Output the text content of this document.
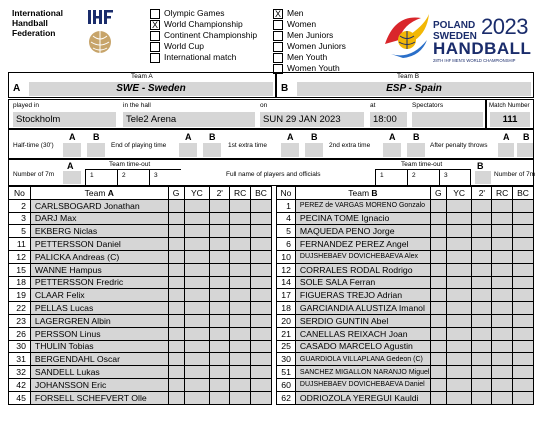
International
Handball
Federation
Olympic Games
X World Championship
Continent Championship
World Cup
International match
X Men
Women
Men Juniors
Women Juniors
Men Youth
Women Youth
POLAND
SWEDEN 2023
HANDBALL
28TH IHF MEN'S WORLD CHAMPIONSHIP
Team A
A	SWE - Sweden
Team B
B	ESP - Spain
played in
Stockholm
in the hall
Tele2 Arena
on
SUN 29 JAN 2023
at
18:00
Spectators	Match Number
111
Half-time (30')
A B
End of playing time
A B
1st extra time
A B
2nd extra time
A B
After penalty throws
A B
Number of 7m
A	Team time-out
1	2	3	Full name of players and officials
Team time-out
1	2	3
B
Number of 7m
No	Team A	G	YC	2'	RC	BC
2	CARLSBOGARD Jonathan					
3	DARJ Max					
5	EKBERG Niclas					
11	PETTERSSON Daniel					
12	PALICKA Andreas (C)					
15	WANNE Hampus					
18	PETTERSSON Fredric					
19	CLAAR Felix					
22	PELLAS Lucas					
23	LAGERGREN Albin					
26	PERSSON Linus					
30	THULIN Tobias					
31	BERGENDAHL Oscar					
32	SANDELL Lukas					
42	JOHANSSON Eric					
45	FORSELL SCHEFVERT Olle					
No	Team B	G	YC	2'	RC	BC
1	PEREZ de VARGAS MORENO Gonzalo					
4	PECINA TOME Ignacio					
5	MAQUEDA PENO Jorge					
6	FERNANDEZ PEREZ Angel					
10	DUJSHEBAEV DOVICHEBAEVA Alex					
12	CORRALES RODAL Rodrigo					
14	SOLE SALA Ferran					
17	FIGUERAS TREJO Adrian					
18	GARCIANDIA ALUSTIZA Imanol					
20	SERDIO GUNTIN Abel					
21	CANELLAS REIXACH Joan					
25	CASADO MARCELO Agustin					
30	GUARDIOLA VILLAPLANA Gedeon (C)					
51	SANCHEZ MIGALLON NARANJO Miguel					
60	DUJSHEBAEV DOVICHEBAEVA Daniel					
62	ODRIOZOLA YEREGUI Kauldi					
